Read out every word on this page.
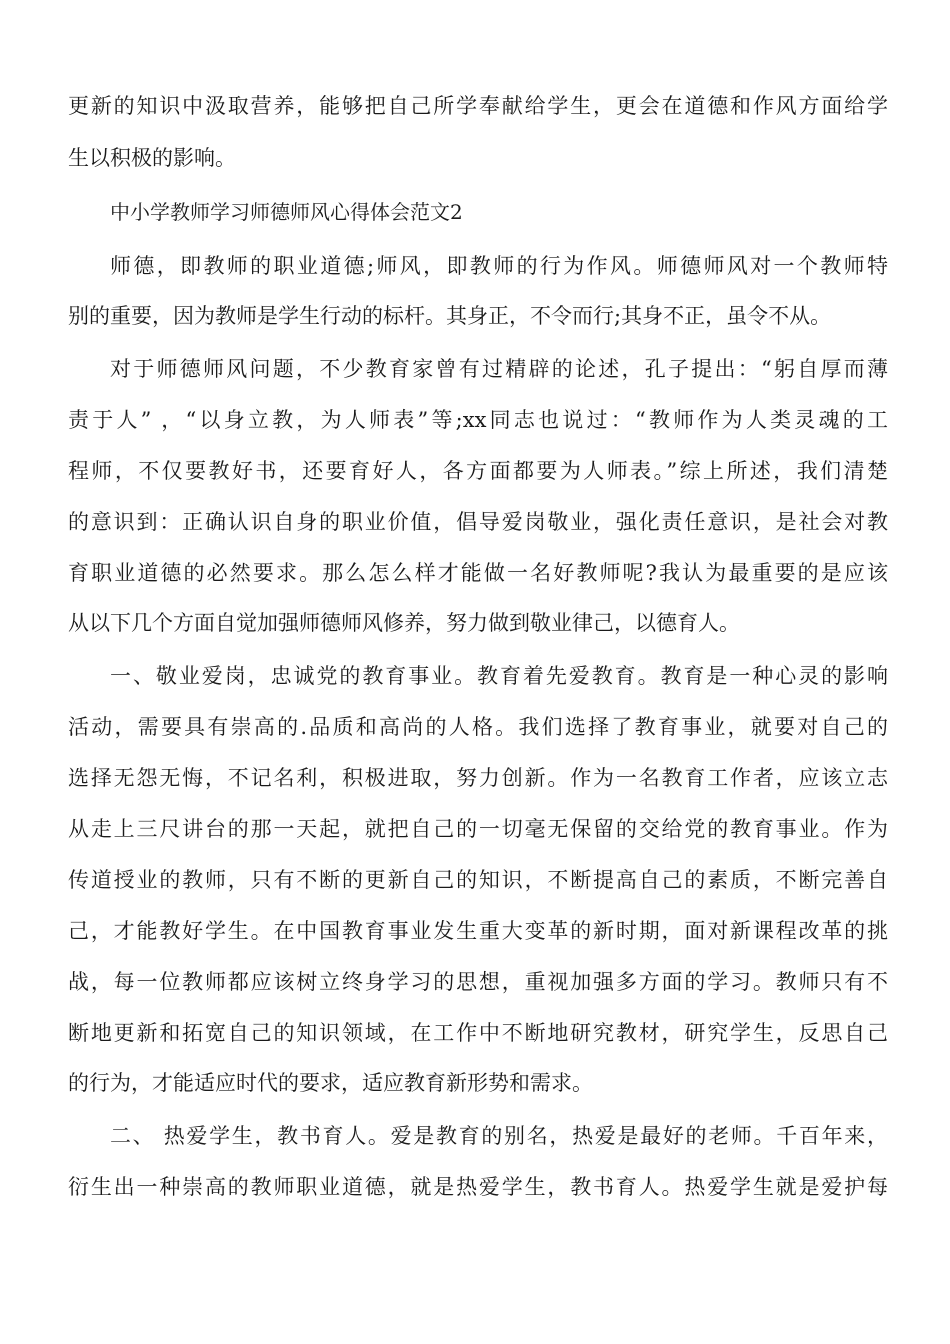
更新的知识中汲取营养，能够把自己所学奉献给学生，更会在道德和作风方面给学
生以积极的影响。
中小学教师学习师德师风心得体会范文2
师德，即教师的职业道德;师风，即教师的行为作风。师德师风对一个教师特
别的重要，因为教师是学生行动的标杆。其身正，不令而行;其身不正，虽令不从。
对于师德师风问题，不少教育家曾有过精辟的论述，孔子提出：“躬自厚而薄
责于人” ，“以身立教，为人师表”等;xx同志也说过：“教师作为人类灵魂的工
程师，不仅要教好书，还要育好人，各方面都要为人师表。”综上所述，我们清楚
的意识到：正确认识自身的职业价值，倡导爱岗敬业，强化责任意识，是社会对教
育职业道德的必然要求。那么怎么样才能做一名好教师呢?我认为最重要的是应该
从以下几个方面自觉加强师德师风修养，努力做到敬业律己，以德育人。
一、敬业爱岗，忠诚党的教育事业。教育着先爱教育。教育是一种心灵的影响
活动，需要具有崇高的.品质和高尚的人格。我们选择了教育事业，就要对自己的
选择无怨无悔，不记名利，积极进取，努力创新。作为一名教育工作者，应该立志
从走上三尺讲台的那一天起，就把自己的一切毫无保留的交给党的教育事业。作为
传道授业的教师，只有不断的更新自己的知识，不断提高自己的素质，不断完善自
己，才能教好学生。在中国教育事业发生重大变革的新时期，面对新课程改革的挑
战，每一位教师都应该树立终身学习的思想，重视加强多方面的学习。教师只有不
断地更新和拓宽自己的知识领域，在工作中不断地研究教材，研究学生，反思自己
的行为，才能适应时代的要求，适应教育新形势和需求。
二、 热爱学生，教书育人。爱是教育的别名，热爱是最好的老师。千百年来，
衍生出一种崇高的教师职业道德，就是热爱学生，教书育人。热爱学生就是爱护每
